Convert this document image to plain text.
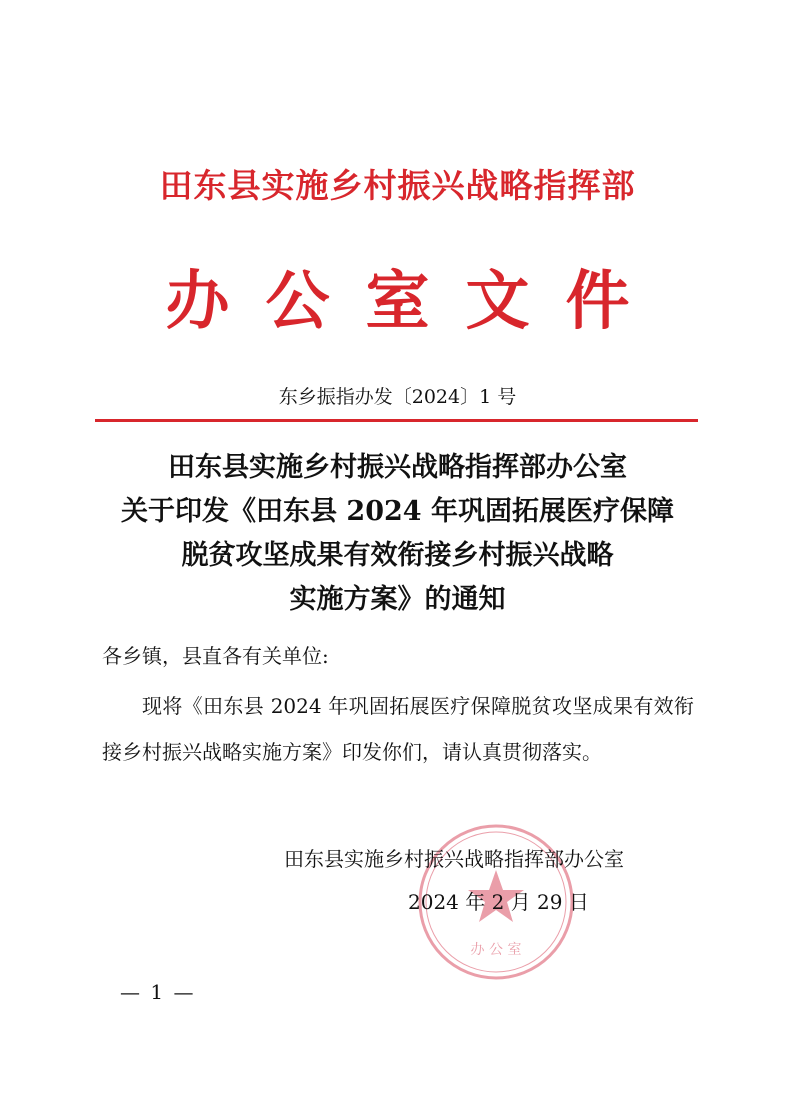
田东县实施乡村振兴战略指挥部
办公室文件
东乡振指办发〔2024〕1 号
田东县实施乡村振兴战略指挥部办公室
关于印发《田东县 2024 年巩固拓展医疗保障
脱贫攻坚成果有效衔接乡村振兴战略
实施方案》的通知
各乡镇，县直各有关单位:
现将《田东县 2024 年巩固拓展医疗保障脱贫攻坚成果有效衔接乡村振兴战略实施方案》印发你们，请认真贯彻落实。
办 公 室
田东县实施乡村振兴战略指挥部办公室
2024 年 2 月 29 日
— 1 —
